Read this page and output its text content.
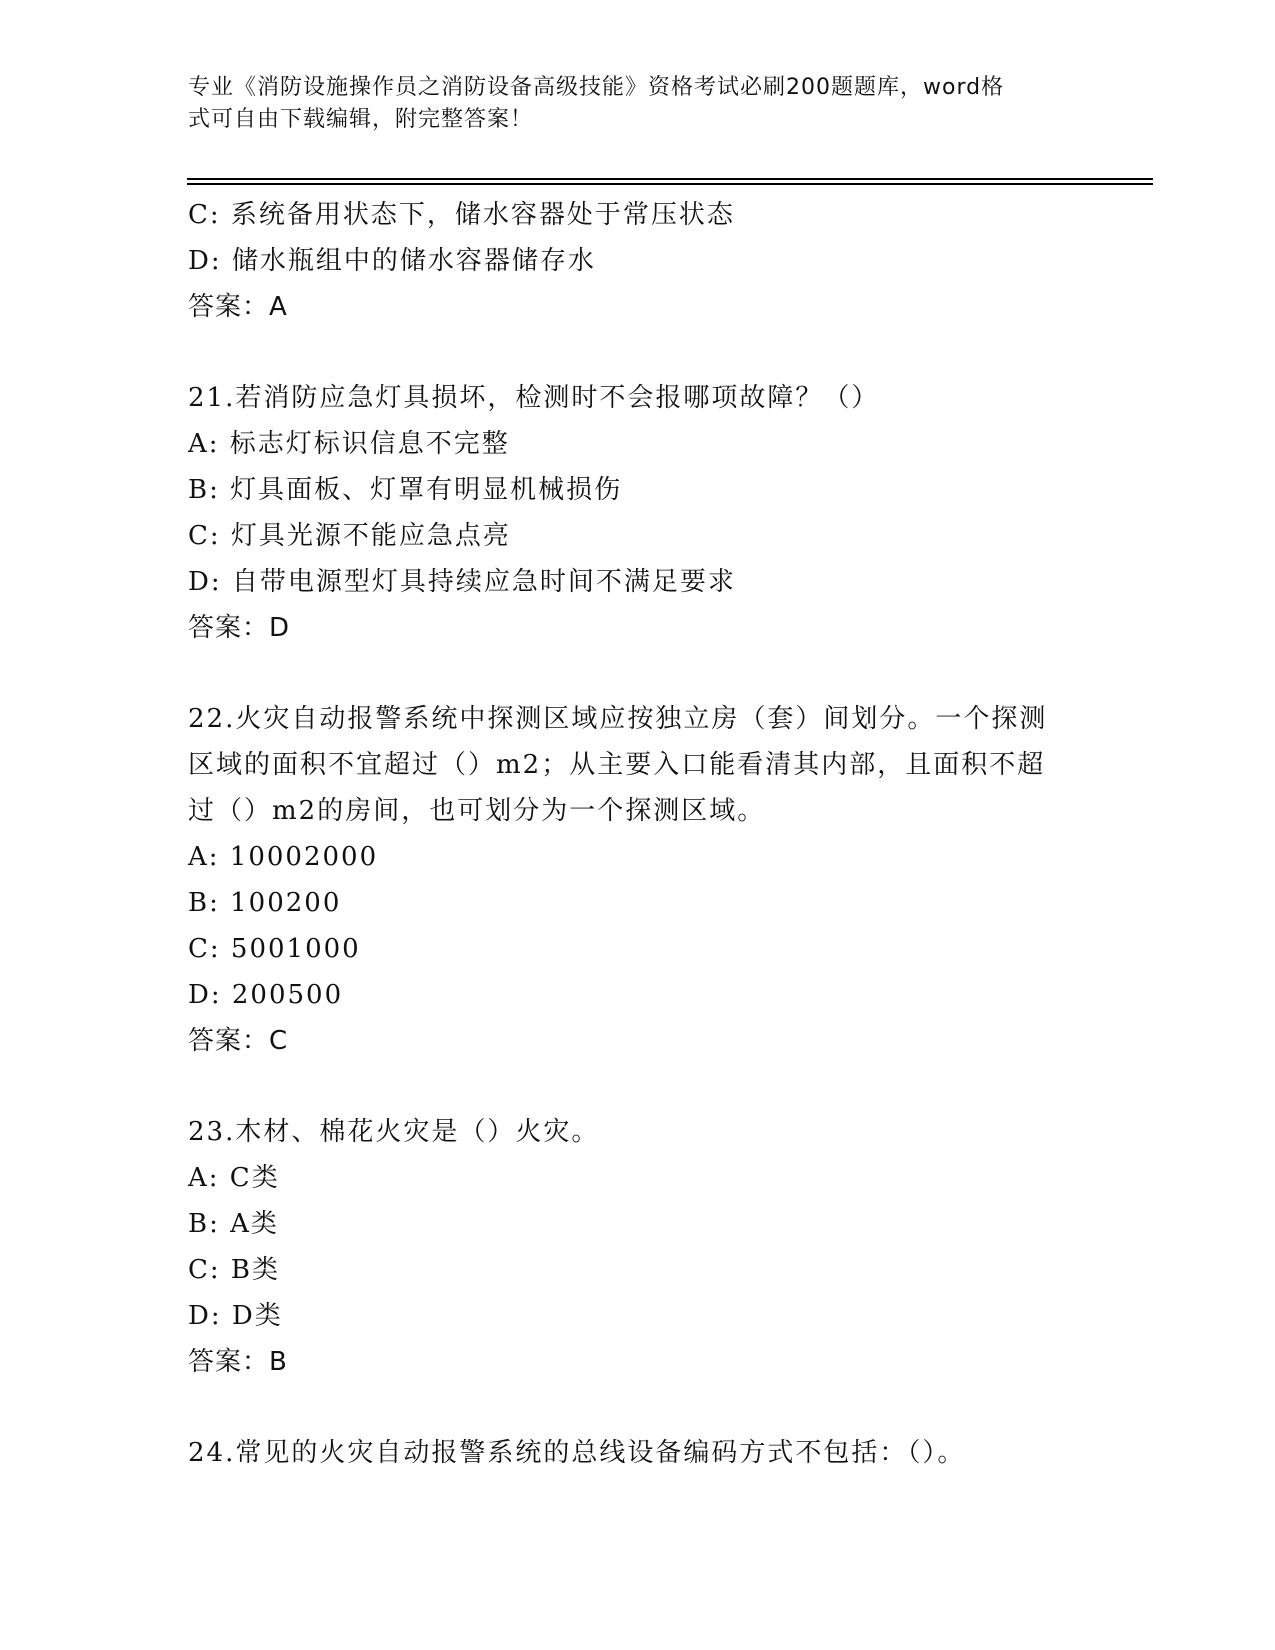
专业《消防设施操作员之消防设备高级技能》资格考试必刷200题题库，word格
式可自由下载编辑，附完整答案！
C: 系统备用状态下，储水容器处于常压状态
D: 储水瓶组中的储水容器储存水
答案：A
21.若消防应急灯具损坏，检测时不会报哪项故障？（）
A: 标志灯标识信息不完整
B: 灯具面板、灯罩有明显机械损伤
C: 灯具光源不能应急点亮
D: 自带电源型灯具持续应急时间不满足要求
答案：D
22.火灾自动报警系统中探测区域应按独立房（套）间划分。一个探测
区域的面积不宜超过（）m2；从主要入口能看清其内部，且面积不超
过（）m2的房间，也可划分为一个探测区域。
A: 10002000
B: 100200
C: 5001000
D: 200500
答案：C
23.木材、棉花火灾是（）火灾。
A: C类
B: A类
C: B类
D: D类
答案：B
24.常见的火灾自动报警系统的总线设备编码方式不包括：（）。
